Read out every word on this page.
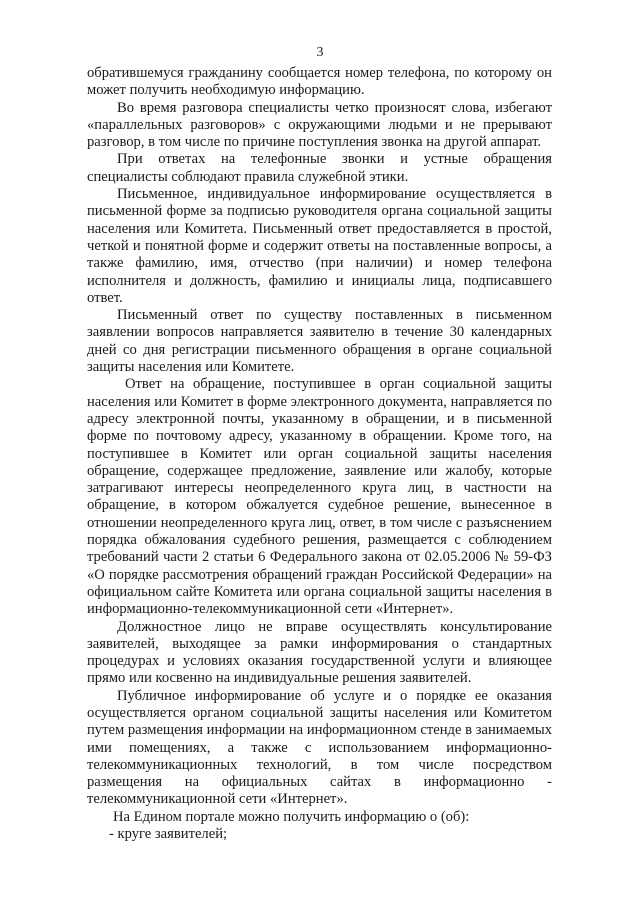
3

обратившемуся гражданину сообщается номер телефона, по которому он может получить необходимую информацию.

Во время разговора специалисты четко произносят слова, избегают «параллельных разговоров» с окружающими людьми и не прерывают разговор, в том числе по причине поступления звонка на другой аппарат.

При ответах на телефонные звонки и устные обращения специалисты соблюдают правила служебной этики.

Письменное, индивидуальное информирование осуществляется в письменной форме за подписью руководителя органа социальной защиты населения или Комитета. Письменный ответ предоставляется в простой, четкой и понятной форме и содержит ответы на поставленные вопросы, а также фамилию, имя, отчество (при наличии) и номер телефона исполнителя и должность, фамилию и инициалы лица, подписавшего ответ.

Письменный ответ по существу поставленных в письменном заявлении вопросов направляется заявителю в течение 30 календарных дней со дня регистрации письменного обращения в органе социальной защиты населения или Комитете.

Ответ на обращение, поступившее в орган социальной защиты населения или Комитет в форме электронного документа, направляется по адресу электронной почты, указанному в обращении, и в письменной форме по почтовому адресу, указанному в обращении. Кроме того, на поступившее в Комитет или орган социальной защиты населения обращение, содержащее предложение, заявление или жалобу, которые затрагивают интересы неопределенного круга лиц, в частности на обращение, в котором обжалуется судебное решение, вынесенное в отношении неопределенного круга лиц, ответ, в том числе с разъяснением порядка обжалования судебного решения, размещается с соблюдением требований части 2 статьи 6 Федерального закона от 02.05.2006 № 59-ФЗ «О порядке рассмотрения обращений граждан Российской Федерации» на официальном сайте Комитета или органа социальной защиты населения в информационно-телекоммуникационной сети «Интернет».

Должностное лицо не вправе осуществлять консультирование заявителей, выходящее за рамки информирования о стандартных процедурах и условиях оказания государственной услуги и влияющее прямо или косвенно на индивидуальные решения заявителей.

Публичное информирование об услуге и о порядке ее оказания осуществляется органом социальной защиты населения или Комитетом путем размещения информации на информационном стенде в занимаемых ими помещениях, а также с использованием информационно-телекоммуникационных технологий, в том числе посредством размещения на официальных сайтах в информационно - телекоммуникационной сети «Интернет».

На Едином портале можно получить информацию о (об):

- круге заявителей;
